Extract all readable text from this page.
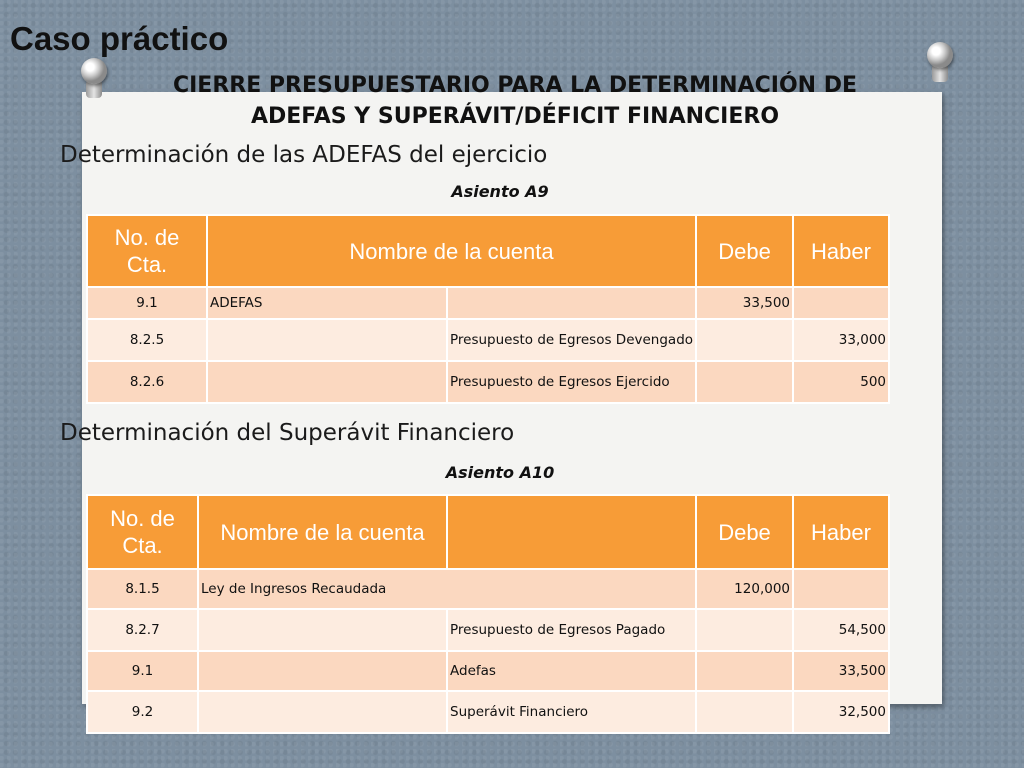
Caso práctico
CIERRE PRESUPUESTARIO PARA LA DETERMINACIÓN DE
ADEFAS Y SUPERÁVIT/DÉFICIT FINANCIERO
Determinación de las ADEFAS del ejercicio
Asiento A9
No. de Cta.	Nombre de la cuenta		Debe	Haber
9.1	ADEFAS		33,500	
8.2.5		Presupuesto de Egresos Devengado		33,000
8.2.6		Presupuesto de Egresos Ejercido		500
Determinación del Superávit Financiero
Asiento A10
No. de Cta.	Nombre de la cuenta		Debe	Haber
8.1.5	Ley de Ingresos Recaudada		120,000	
8.2.7		Presupuesto de Egresos Pagado		54,500
9.1		Adefas		33,500
9.2		Superávit Financiero		32,500
